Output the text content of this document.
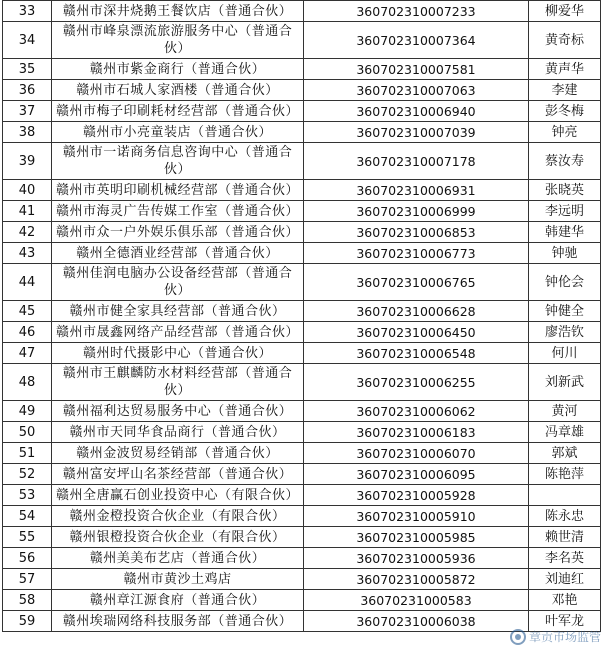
33	赣州市深井烧鹅王餐饮店（普通合伙）	360702310007233	柳爱华
34	赣州市峰泉漂流旅游服务中心（普通合伙）	360702310007364	黄奇标
35	赣州市紫金商行（普通合伙）	360702310007581	黄声华
36	赣州市石城人家酒楼（普通合伙）	360702310007063	李建
37	赣州市梅子印刷耗材经营部（普通合伙）	360702310006940	彭冬梅
38	赣州市小亮童装店（普通合伙）	360702310007039	钟亮
39	赣州市一诺商务信息咨询中心（普通合伙）	360702310007178	蔡汝寿
40	赣州市英明印刷机械经营部（普通合伙）	360702310006931	张晓英
41	赣州市海灵广告传媒工作室（普通合伙）	360702310006999	李远明
42	赣州市众一户外娱乐俱乐部（普通合伙）	360702310006853	韩建华
43	赣州全德酒业经营部（普通合伙）	360702310006773	钟驰
44	赣州佳润电脑办公设备经营部（普通合伙）	360702310006765	钟伦会
45	赣州市健全家具经营部（普通合伙）	360702310006628	钟健全
46	赣州市晟鑫网络产品经营部（普通合伙）	360702310006450	廖浩钦
47	赣州时代摄影中心（普通合伙）	360702310006548	何川
48	赣州市王麒麟防水材料经营部（普通合伙）	360702310006255	刘新武
49	赣州福利达贸易服务中心（普通合伙）	360702310006062	黄河
50	赣州市天同华食品商行（普通合伙）	360702310006183	冯章雄
51	赣州金波贸易经销部（普通合伙）	360702310006070	郭斌
52	赣州富安坪山名茶经营部（普通合伙）	360702310006095	陈艳萍
53	赣州全唐赢石创业投资中心（有限合伙）	360702310005928	
54	赣州金橙投资合伙企业（有限合伙）	360702310005910	陈永忠
55	赣州银橙投资合伙企业（有限合伙）	360702310005985	赖世清
56	赣州美美布艺店（普通合伙）	360702310005936	李名英
57	赣州市黄沙土鸡店	360702310005872	刘迪红
58	赣州章江源食府（普通合伙）	36070231000583	邓艳
59	赣州埃瑞网络科技服务部（普通合伙）	360702310006038	叶军龙
章贡市场监管
